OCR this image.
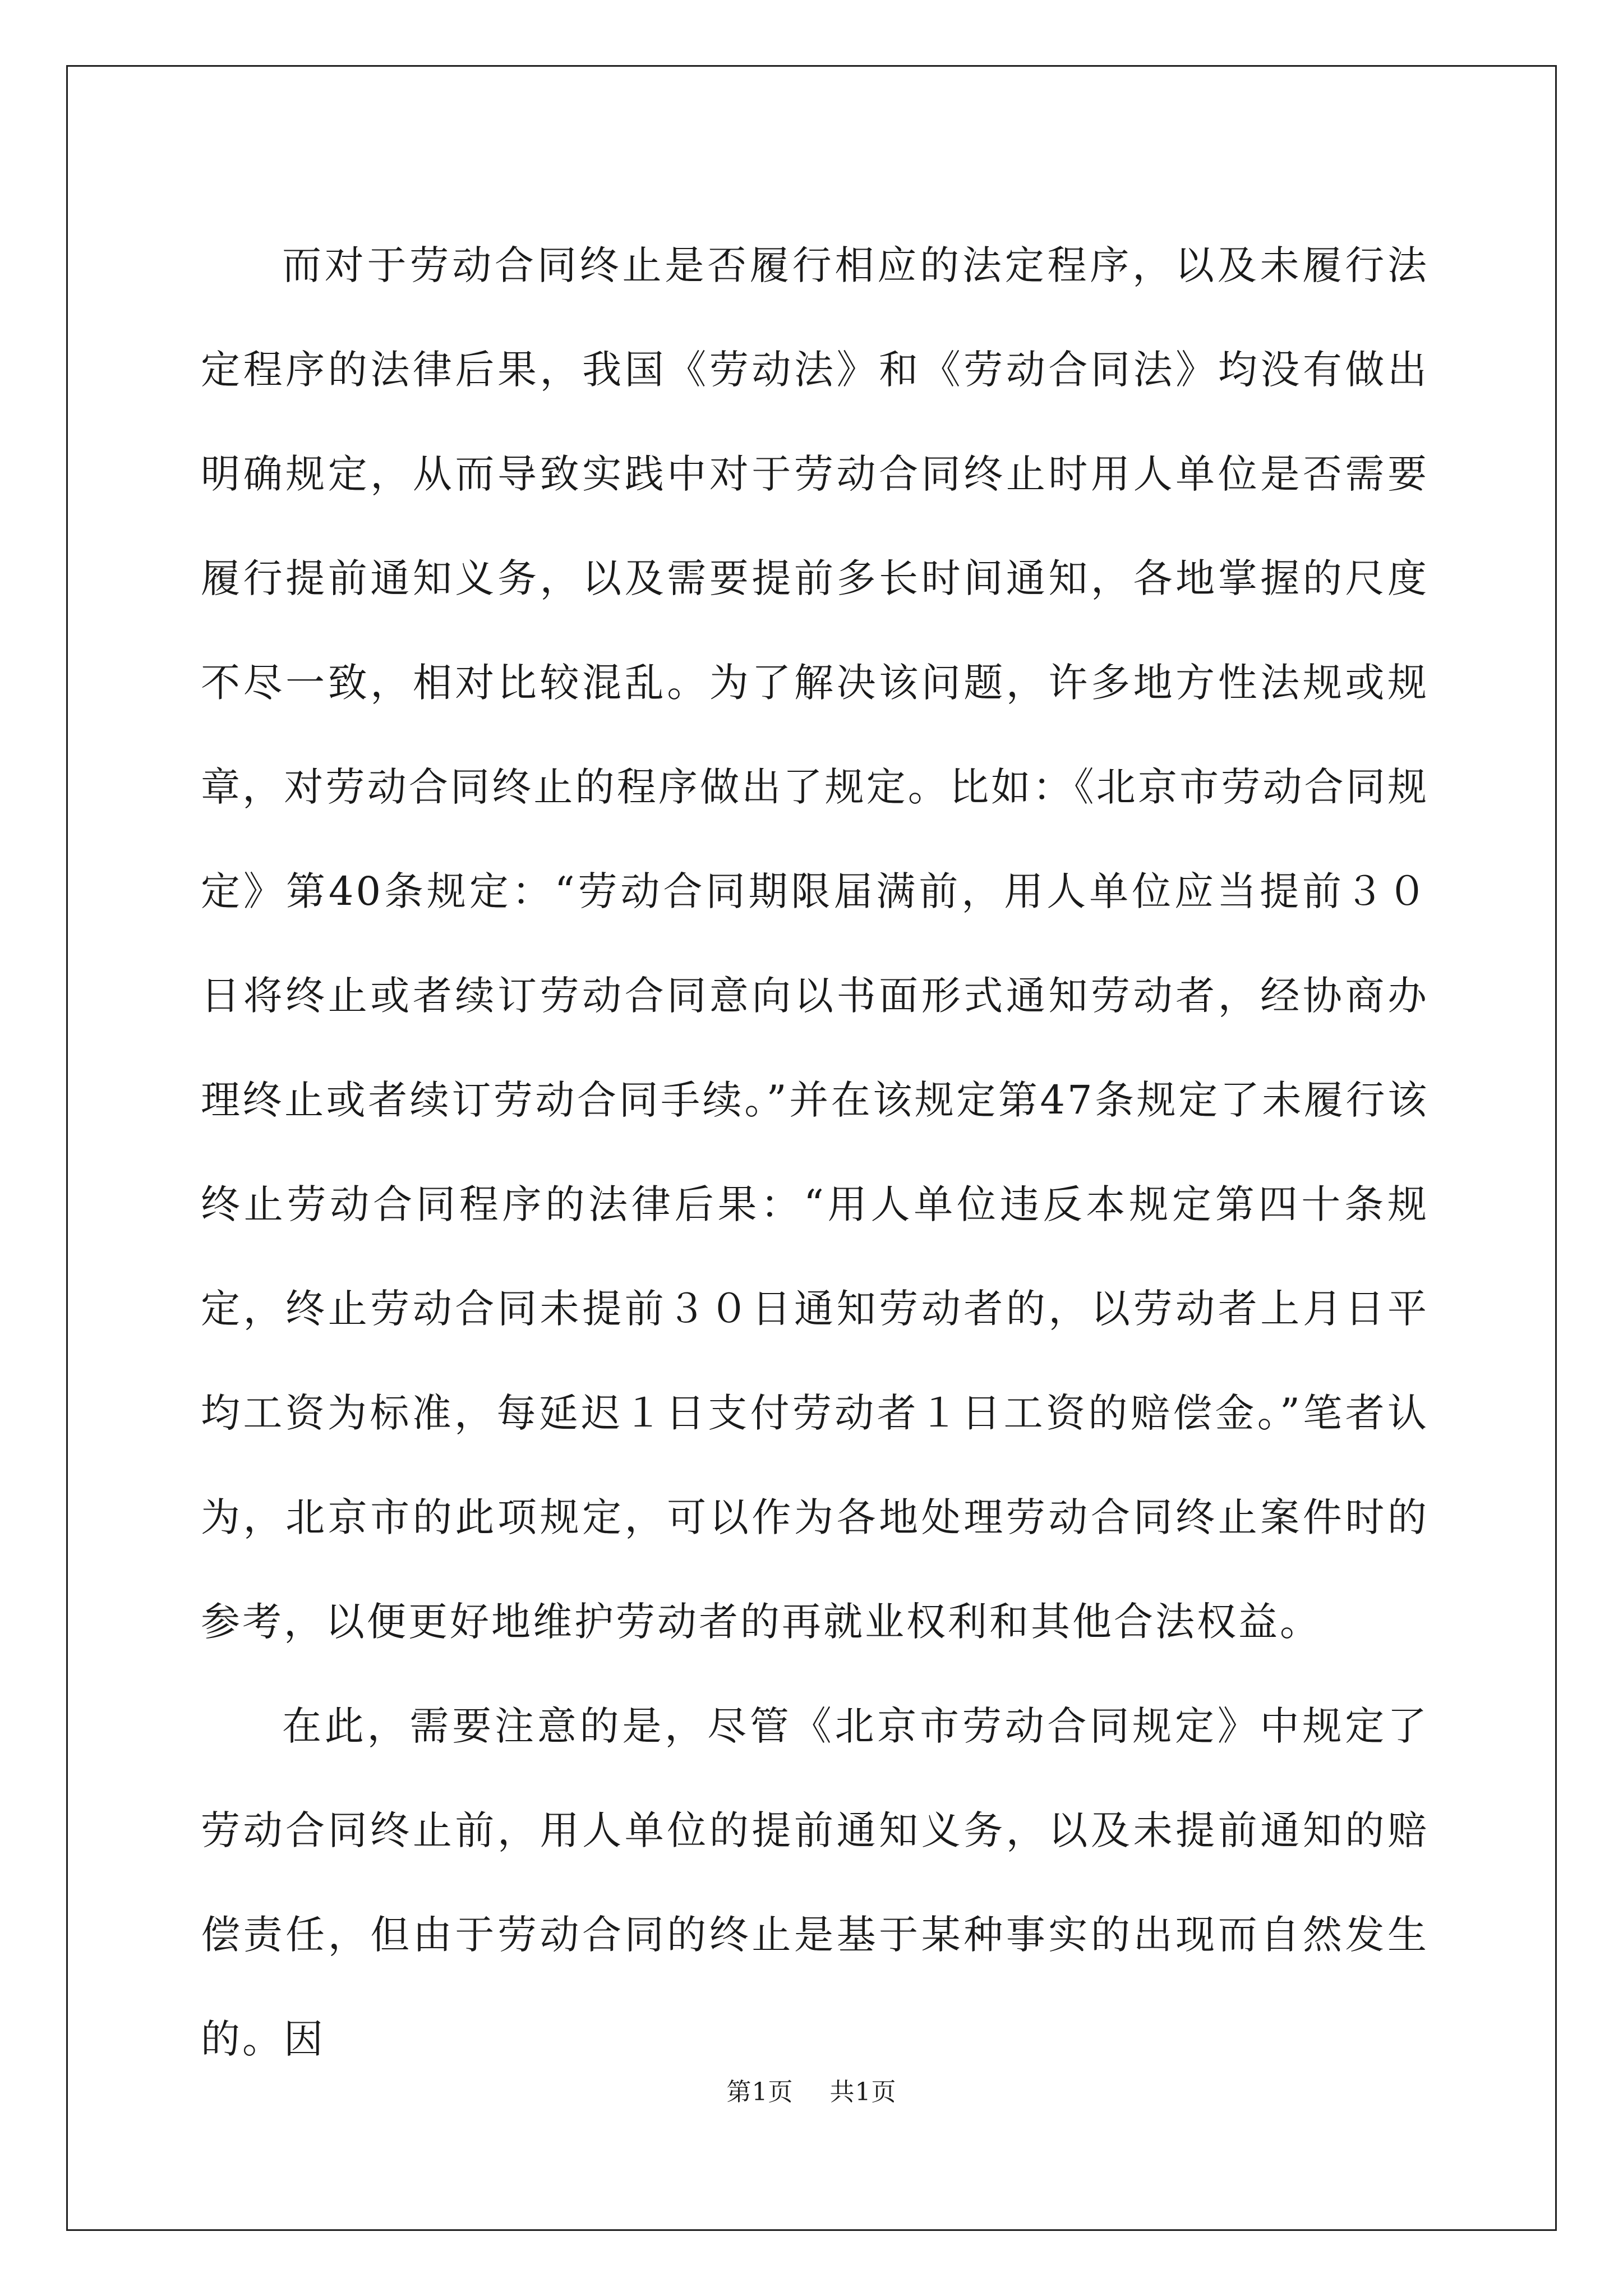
而对于劳动合同终止是否履行相应的法定程序，以及未履行法定程序的法律后果，我国《劳动法》和《劳动合同法》均没有做出明确规定，从而导致实践中对于劳动合同终止时用人单位是否需要履行提前通知义务，以及需要提前多长时间通知，各地掌握的尺度不尽一致，相对比较混乱。为了解决该问题，许多地方性法规或规章，对劳动合同终止的程序做出了规定。比如：《北京市劳动合同规定》第40条规定：“劳动合同期限届满前，用人单位应当提前３０日将终止或者续订劳动合同意向以书面形式通知劳动者，经协商办理终止或者续订劳动合同手续。”并在该规定第47条规定了未履行该终止劳动合同程序的法律后果：“用人单位违反本规定第四十条规定，终止劳动合同未提前３０日通知劳动者的，以劳动者上月日平均工资为标准，每延迟１日支付劳动者１日工资的赔偿金。”笔者认为，北京市的此项规定，可以作为各地处理劳动合同终止案件时的参考，以便更好地维护劳动者的再就业权利和其他合法权益。

在此，需要注意的是，尽管《北京市劳动合同规定》中规定了劳动合同终止前，用人单位的提前通知义务，以及未提前通知的赔偿责任，但由于劳动合同的终止是基于某种事实的出现而自然发生的。因

第1页 共1页
